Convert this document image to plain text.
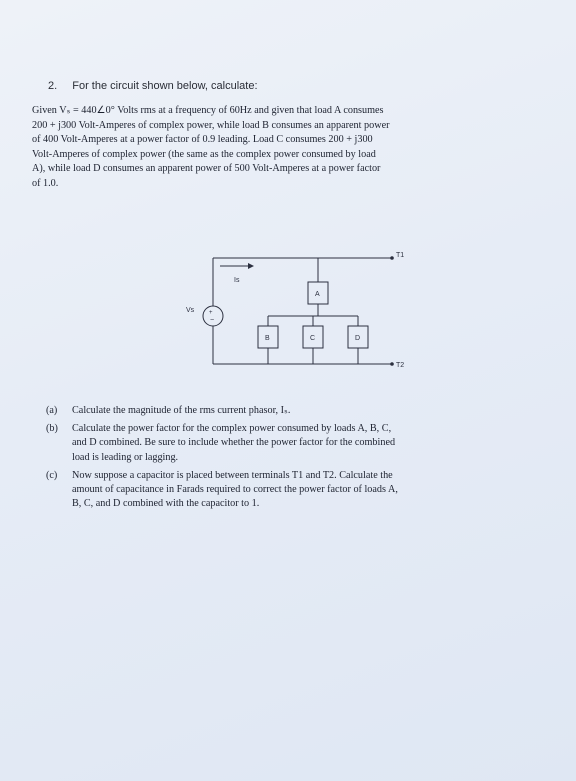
2. For the circuit shown below, calculate:
Given Vₛ = 440∠0° Volts rms at a frequency of 60Hz and given that load A consumes
200 + j300 Volt-Amperes of complex power, while load B consumes an apparent power
of 400 Volt-Amperes at a power factor of 0.9 leading. Load C consumes 200 + j300
Volt-Amperes of complex power (the same as the complex power consumed by load
A), while load D consumes an apparent power of 500 Volt-Amperes at a power factor
of 1.0.
Is
Vs +
−
T1
T2
A
B	C	D
(a) Calculate the magnitude of the rms current phasor, Iₛ.
(b) Calculate the power factor for the complex power consumed by loads A, B, C,
and D combined. Be sure to include whether the power factor for the combined
load is leading or lagging.
(c) Now suppose a capacitor is placed between terminals T1 and T2. Calculate the
amount of capacitance in Farads required to correct the power factor of loads A,
B, C, and D combined with the capacitor to 1.
